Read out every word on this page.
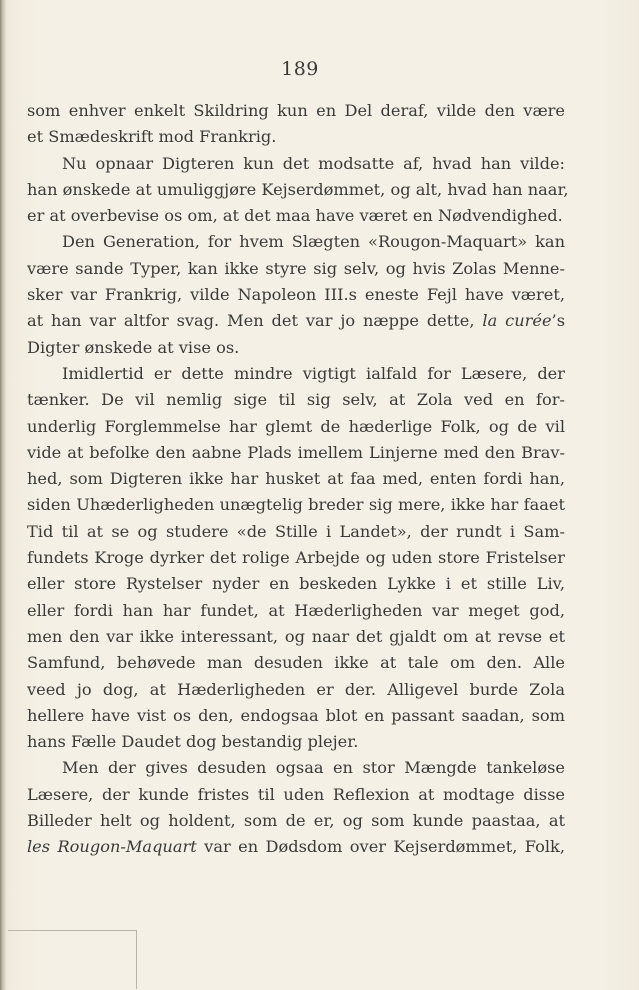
189
som enhver enkelt Skildring kun en Del deraf, vilde den være
et Smædeskrift mod Frankrig.
Nu opnaar Digteren kun det modsatte af, hvad han vilde:
han ønskede at umuliggjøre Kejserdømmet, og alt, hvad han naar,
er at overbevise os om, at det maa have været en Nødvendighed.
Den Generation, for hvem Slægten «Rougon-Maquart» kan
være sande Typer, kan ikke styre sig selv, og hvis Zolas Menne-
sker var Frankrig, vilde Napoleon III.s eneste Fejl have været,
at han var altfor svag. Men det var jo næppe dette, la curée’s
Digter ønskede at vise os.
Imidlertid er dette mindre vigtigt ialfald for Læsere, der
tænker. De vil nemlig sige til sig selv, at Zola ved en for-
underlig Forglemmelse har glemt de hæderlige Folk, og de vil
vide at befolke den aabne Plads imellem Linjerne med den Brav-
hed, som Digteren ikke har husket at faa med, enten fordi han,
siden Uhæderligheden unægtelig breder sig mere, ikke har faaet
Tid til at se og studere «de Stille i Landet», der rundt i Sam-
fundets Kroge dyrker det rolige Arbejde og uden store Fristelser
eller store Rystelser nyder en beskeden Lykke i et stille Liv,
eller fordi han har fundet, at Hæderligheden var meget god,
men den var ikke interessant, og naar det gjaldt om at revse et
Samfund, behøvede man desuden ikke at tale om den. Alle
veed jo dog, at Hæderligheden er der. Alligevel burde Zola
hellere have vist os den, endogsaa blot en passant saadan, som
hans Fælle Daudet dog bestandig plejer.
Men der gives desuden ogsaa en stor Mængde tankeløse
Læsere, der kunde fristes til uden Reflexion at modtage disse
Billeder helt og holdent, som de er, og som kunde paastaa, at
les Rougon-Maquart var en Dødsdom over Kejserdømmet, Folk,
